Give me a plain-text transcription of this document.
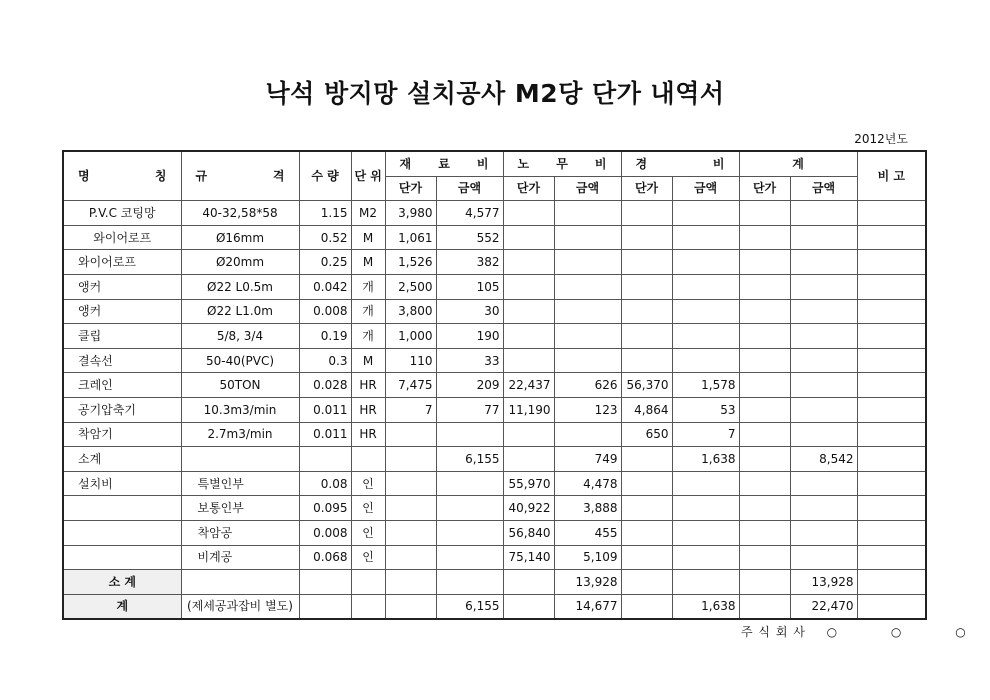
낙석 방지망 설치공사 M2당 단가 내역서
2012년도
명 칭	규 격	수 량	단 위	재 료 비		노 무 비		경 비		계		비 고
				단가	금액	단가	금액	단가	금액	단가	금액	
P.V.C 코팅망	40-32,58*58	1.15	M2	3,980	4,577							
와이어로프	Ø16mm	0.52	M	1,061	552							
와이어로프	Ø20mm	0.25	M	1,526	382							
앵커	Ø22 L0.5m	0.042	개	2,500	105							
앵커	Ø22 L1.0m	0.008	개	3,800	30							
클립	5/8, 3/4	0.19	개	1,000	190							
결속선	50-40(PVC)	0.3	M	110	33							
크레인	50TON	0.028	HR	7,475	209	22,437	626	56,370	1,578			
공기압축기	10.3m3/min	0.011	HR	7	77	11,190	123	4,864	53			
착암기	2.7m3/min	0.011	HR					650	7			
소계					6,155		749		1,638		8,542	
설치비	특별인부	0.08	인			55,970	4,478					
	보통인부	0.095	인			40,922	3,888					
	착암공	0.008	인			56,840	455					
	비계공	0.068	인			75,140	5,109					
소 계							13,928				13,928	
계	(제세공과잡비 별도)				6,155		14,677		1,638		22,470	
주 식 회 사 ○ ○ ○
